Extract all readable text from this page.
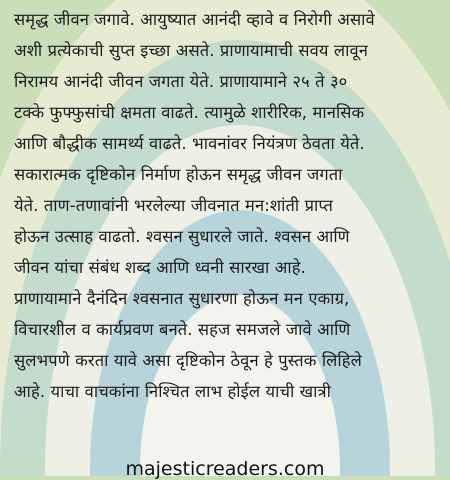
समृद्ध जीवन जगावे. आयुष्यात आनंदी व्हावे व निरोगी असावे
अशी प्रत्येकाची सुप्त इच्छा असते. प्राणायामाची सवय लावून
निरामय आनंदी जीवन जगता येते. प्राणायामाने २५ ते ३०
टक्के फुफ्फुसांची क्षमता वाढते. त्यामुळे शारीरिक, मानसिक
आणि बौद्धीक सामर्थ्य वाढते. भावनांवर नियंत्रण ठेवता येते.
सकारात्मक दृष्टिकोन निर्माण होऊन समृद्ध जीवन जगता
येते. ताण-तणावांनी भरलेल्या जीवनात मन:शांती प्राप्त
होऊन उत्साह वाढतो. श्वसन सुधारले जाते. श्वसन आणि
जीवन यांचा संबंध शब्द आणि ध्वनी सारखा आहे.
प्राणायामाने दैनंदिन श्वसनात सुधारणा होऊन मन एकाग्र,
विचारशील व कार्यप्रवण बनते. सहज समजले जावे आणि
सुलभपणे करता यावे असा दृष्टिकोन ठेवून हे पुस्तक लिहिले
आहे. याचा वाचकांना निश्चित लाभ होईल याची खात्री
majesticreaders.com
